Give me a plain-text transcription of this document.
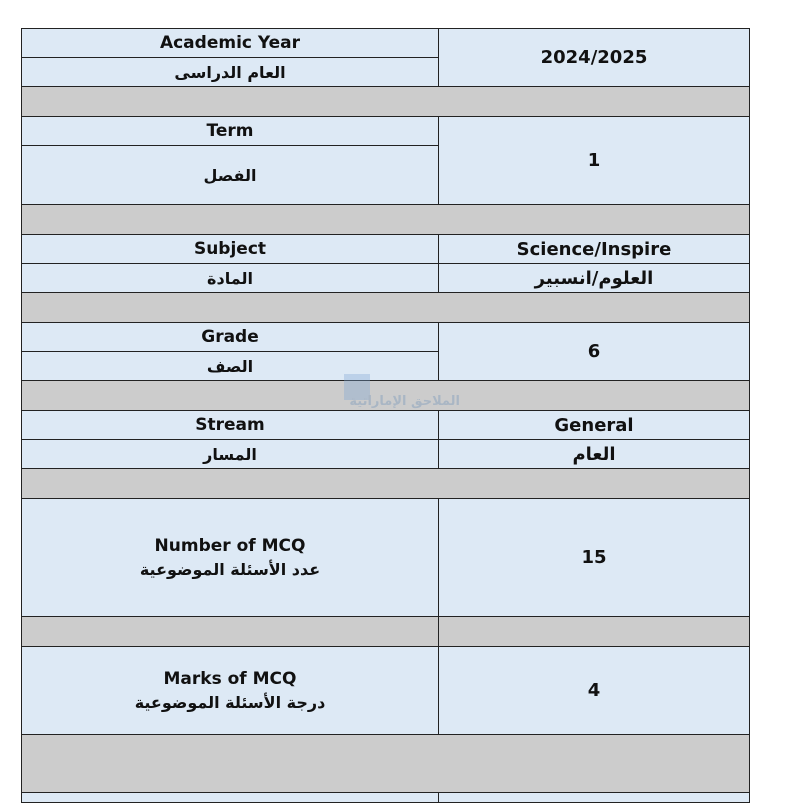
Academic Year	2024/2025
العام الدراسى	

Term	1
الفصل	

Subject	Science/Inspire
المادة	العلوم/انسبير

Grade	6
الصف	

Stream	General
المسار	العام

Number of MCQ
عدد الأسئلة الموضوعية	15

Marks of MCQ
درجة الأسئلة الموضوعية	4

الملاحق الإماراتية
